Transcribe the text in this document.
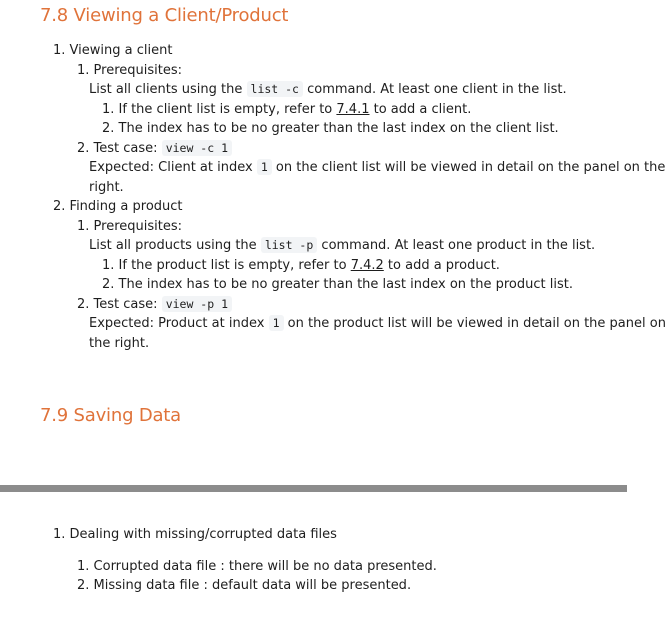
7.8 Viewing a Client/Product
1. Viewing a client
1. Prerequisites:
List all clients using the list -c command. At least one client in the list.
1. If the client list is empty, refer to 7.4.1 to add a client.
2. The index has to be no greater than the last index on the client list.
2. Test case: view -c 1
Expected: Client at index 1 on the client list will be viewed in detail on the panel on the
right.
2. Finding a product
1. Prerequisites:
List all products using the list -p command. At least one product in the list.
1. If the product list is empty, refer to 7.4.2 to add a product.
2. The index has to be no greater than the last index on the product list.
2. Test case: view -p 1
Expected: Product at index 1 on the product list will be viewed in detail on the panel on
the right.
7.9 Saving Data
1. Dealing with missing/corrupted data files
1. Corrupted data file : there will be no data presented.
2. Missing data file : default data will be presented.
